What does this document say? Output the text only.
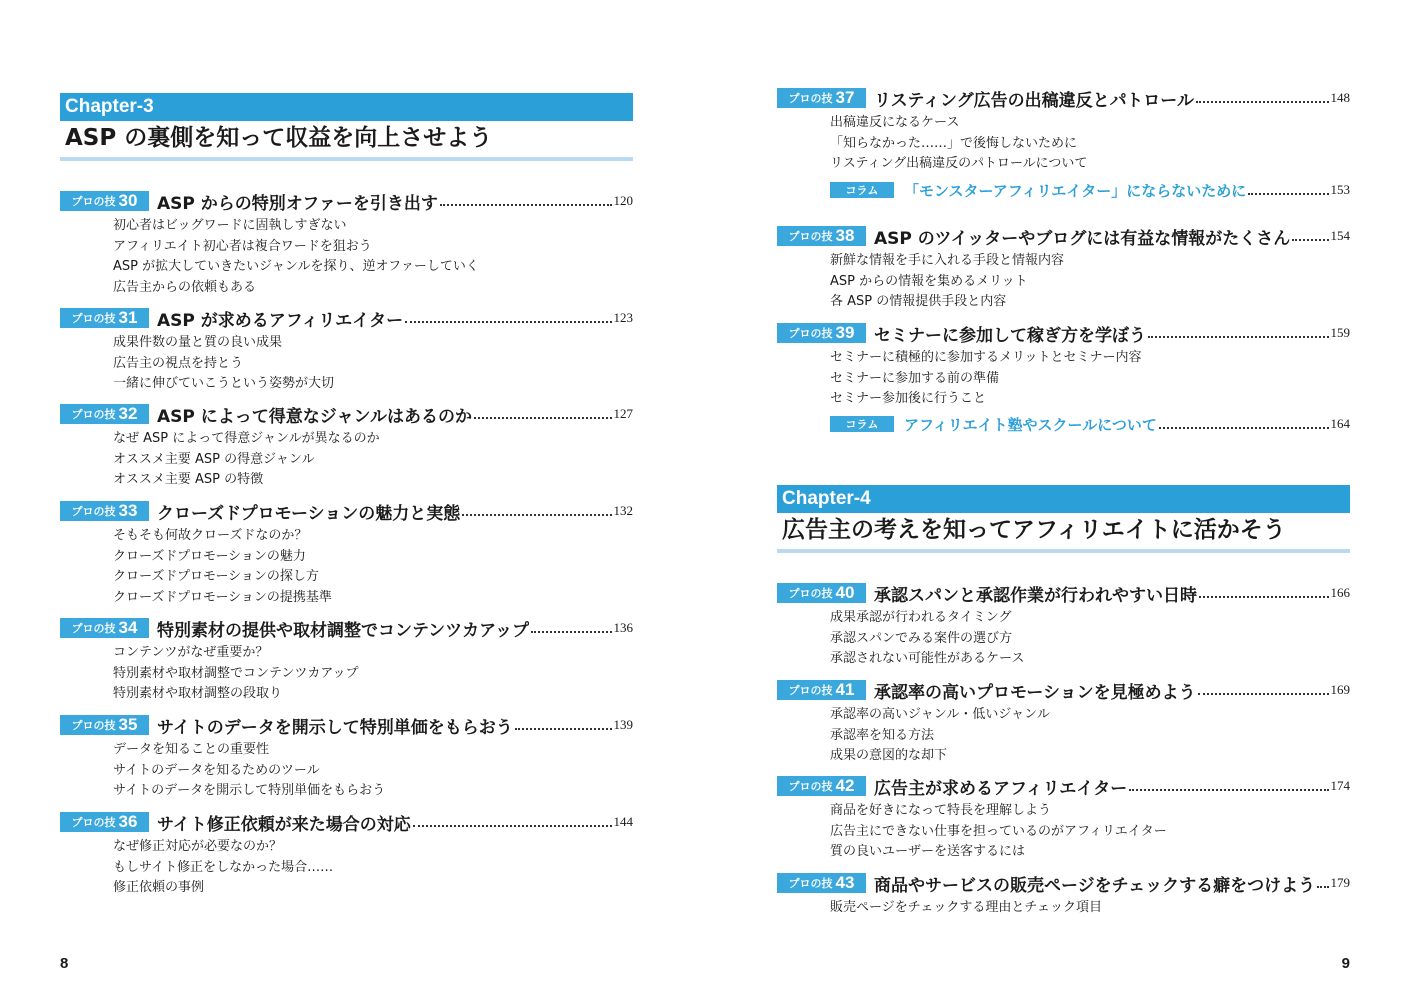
Chapter-3
ASP の裏側を知って収益を向上させよう
プロの技 30 ASP からの特別オファーを引き出す	120
初心者はビッグワードに固執しすぎない
アフィリエイト初心者は複合ワードを狙おう
ASP が拡大していきたいジャンルを探り、逆オファーしていく
広告主からの依頼もある
プロの技 31 ASP が求めるアフィリエイター	123
成果件数の量と質の良い成果
広告主の視点を持とう
一緒に伸びていこうという姿勢が大切
プロの技 32 ASP によって得意なジャンルはあるのか	127
なぜ ASP によって得意ジャンルが異なるのか
オススメ主要 ASP の得意ジャンル
オススメ主要 ASP の特徴
プロの技 33 クローズドプロモーションの魅力と実態	132
そもそも何故クローズドなのか？
クローズドプロモーションの魅力
クローズドプロモーションの探し方
クローズドプロモーションの提携基準
プロの技 34 特別素材の提供や取材調整でコンテンツカアップ	136
コンテンツがなぜ重要か？
特別素材や取材調整でコンテンツカアップ
特別素材や取材調整の段取り
プロの技 35 サイトのデータを開示して特別単価をもらおう	139
データを知ることの重要性
サイトのデータを知るためのツール
サイトのデータを開示して特別単価をもらおう
プロの技 36 サイト修正依頼が来た場合の対応	144
なぜ修正対応が必要なのか？
もしサイト修正をしなかった場合……
修正依頼の事例
8
プロの技 37 リスティング広告の出稿違反とパトロール	148
出稿違反になるケース
「知らなかった……」で後悔しないために
リスティング出稿違反のパトロールについて
コラム	「モンスターアフィリエイター」にならないために	153
プロの技 38 ASP のツイッターやブログには有益な情報がたくさん	154
新鮮な情報を手に入れる手段と情報内容
ASP からの情報を集めるメリット
各 ASP の情報提供手段と内容
プロの技 39 セミナーに参加して稼ぎ方を学ぼう	159
セミナーに積極的に参加するメリットとセミナー内容
セミナーに参加する前の準備
セミナー参加後に行うこと
コラム	アフィリエイト塾やスクールについて	164
Chapter-4
広告主の考えを知ってアフィリエイトに活かそう
プロの技 40 承認スパンと承認作業が行われやすい日時	166
成果承認が行われるタイミング
承認スパンでみる案件の選び方
承認されない可能性があるケース
プロの技 41 承認率の高いプロモーションを見極めよう	169
承認率の高いジャンル・低いジャンル
承認率を知る方法
成果の意図的な却下
プロの技 42 広告主が求めるアフィリエイター	174
商品を好きになって特長を理解しよう
広告主にできない仕事を担っているのがアフィリエイター
質の良いユーザーを送客するには
プロの技 43 商品やサービスの販売ページをチェックする癖をつけよう 179
販売ページをチェックする理由とチェック項目
9
